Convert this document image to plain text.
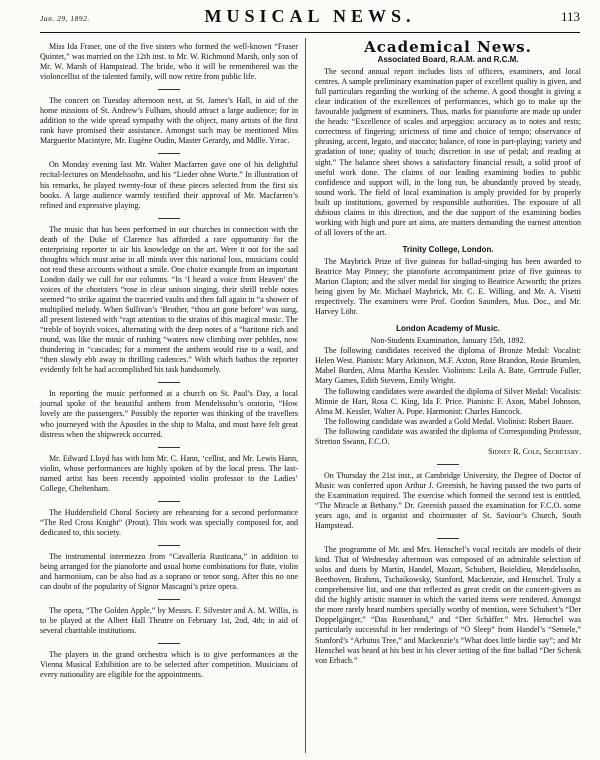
Jan. 29, 1892.	MUSICAL NEWS.	113

Miss Ida Fraser, one of the five sisters who formed the well-known “Fraser Quintet,” was married on the 12th inst. to Mr. W. Richmond Marsh, only son of Mr. W. Marsh of Hampstead. The bride, who it will be remembered was the violoncellist of the talented family, will now retire from public life.

The concert on Tuesday afternoon next, at St. James’s Hall, in aid of the home missions of St. Andrew’s Fulham, should attract a large audience; for in addition to the wide spread sympathy with the object, many artists of the first rank have promised their assistance. Amongst such may be mentioned Miss Marguerite Macintyre, Mr. Eugène Oudin, Master Gerardy, and Mdlle. Yrrac.

On Monday evening last Mr. Walter Macfarren gave one of his delightful recital-lectures on Mendelssohn, and his “Lieder ohne Worte.” In illustration of his remarks, he played twenty-four of these pieces selected from the first six books. A large audience warmly testified their approval of Mr. Macfarren’s refined and expressive playing.

The music that has been performed in our churches in connection with the death of the Duke of Clarence has afforded a rare opportunity for the enterprising reporter to air his knowledge on the art. Were it not for the sad thoughts which must arise in all minds over this national loss, musicians could not read these accounts without a smile. One choice example from an important London daily we cull for our columns. “In ‘I heard a voice from Heaven’ the voices of the choristers “rose in clear unison singing, their shrill treble notes seemed “to strike against the traceried vaults and then fall again in “a shower of multiplied melody. When Sullivan’s ‘Brother, “thou art gone before’ was sung, all present listened with “rapt attention to the strains of this magical music. The “treble of boyish voices, alternating with the deep notes of a “baritone rich and round, was like the music of rushing “waters now climbing over pebbles, now thundering in “cascades; for a moment the anthem would rise to a wail, and “then slowly ebb away in thrilling cadences.” With which bathos the reporter evidently felt he had accomplished his task handsomely.

In reporting the music performed at a church on St. Paul’s Day, a local journal spoke of the beautiful anthem from Mendelssohn’s oratorio, “How lovely are the passengers.” Possibly the reporter was thinking of the travellers who journeyed with the Apostles in the ship to Malta, and must have felt great distress when the shipwreck occurred.

Mr. Edward Lloyd has with him Mr. C. Hann, ‘cellist, and Mr. Lewis Hann, violin, whose performances are highly spoken of by the local press. The last-named artist has been recently appointed violin professor to the Ladies’ College, Cheltenham.

The Huddersfield Choral Society are rehearsing for a second performance “The Red Cross Knight” (Prout). This work was specially composed for, and dedicated to, this society.

The instrumental intermezzo from “Cavalleria Rusticana,” in addition to being arranged for the pianoforte and usual home combinations for flute, violin and harmonium, can be also had as a soprano or tenor song. After this no one can doubt of the popularity of Signor Mascagni’s prize opera.

The opera, “The Golden Apple,” by Messrs. F. Silvester and A. M. Willis, is to be played at the Albert Hall Theatre on February 1st, 2nd, 4th; in aid of several charitable institutions.

The players in the grand orchestra which is to give performances at the Vienna Musical Exhibition are to be selected after competition. Musicians of every nationality are eligible for the appointments.

Academical News.
Associated Board, R.A.M. and R.C.M.

The second annual report includes lists of officers, examiners, and local centres. A sample preliminary examination paper of excellent quality is given, and full particulars regarding the working of the scheme. A good thought is giving a clear indication of the excellences of performances, which go to make up the favourable judgment of examiners. Thus, marks for pianoforte are made up under the heads: “Excellence of scales and arpeggios: accuracy as to notes and rests; correctness of fingering; strictness of time and choice of tempo; observance of phrasing, accent, legato, and staccato; balance, of tone in part-playing; variety and gradation of tone; quality of touch; discretion in use of pedal; and reading at sight.” The balance sheet shows a satisfactory financial result, a solid proof of useful work done. The claims of our leading examining bodies to public confidence and support will, in the long run, be abundantly proved by steady, sound work. The field of local examination is amply provided for by properly built up institutions, governed by responsible authorities. The exposure of all dubious claims in this direction, and the due support of the examining bodies working with high and pure art aims, are matters demanding the earnest attention of all lovers of the art.

Trinity College, London.

The Maybrick Prize of five guineas for ballad-singing has been awarded to Beatrice May Pinney; the pianoforte accompaniment prize of five guineas to Marion Clapton; and the silver medal for singing to Beatrice Acworth; the prizes being given by Mr. Michael Maybrick, Mr. C. E. Willing, and Mr. A. Visetti respectively. The examiners were Prof. Gordon Saunders, Mus. Doc., and Mr. Harvey Löhr.

London Academy of Music.

Non-Students Examination, January 15th, 1892.

The following candidates received the diploma of Bronze Medal: Vocalist: Helen West. Pianists: Mary Atkinson, M.F. Axton, Rose Brandon, Rosie Brumlen, Mabel Burden, Alma Martha Kessler. Violinists: Leila A. Bate, Gertrude Fuller, Mary Games, Edith Stevens, Emily Wright.

The following candidates were awarded the diploma of Silver Medal: Vocalists: Minnie de Hart, Rosa C. King, Ida F. Price. Pianists: F. Axon, Mabel Johnson, Alma M. Kessler, Walter A. Pope. Harmonist: Charles Hancock.

The following candidate was awarded a Gold Medal. Violinist: Robert Bauer.

The following candidate was awarded the diploma of Corresponding Professor, Stretton Swann, F.C.O.

Sidney R. Cole, Secretary.

On Thursday the 21st inst., at Cambridge University, the Degree of Doctor of Music was conferred upon Arthur J. Greenish, he having passed the two parts of the Examination required. The exercise which formed the second test is entitled, “The Miracle at Bethany.” Dr. Greenish passed the examination for F.C.O. some years ago, and is organist and choirmaster of St. Saviour’s Church, South Hampstead.

The programme of Mr. and Mrs. Henschel’s vocal recitals are models of their kind. That of Wednesday afternoon was composed of an admirable selection of solos and duets by Martin, Handel, Mozart, Schubert, Boieldieu, Mendelssohn, Beethoven, Brahms, Tschaikowsky, Stanford, Mackenzie, and Henschel. Truly a comprehensive list, and one that reflected as great credit on the concert-givers as did the highly artistic manner in which the varied items were rendered. Amongst the more rarely heard numbers specially worthy of mention, were Schubert’s “Der Doppelgänger,” “Das Rosenband,” and “Der Schäffer.” Mrs. Henschel was particularly successful in her renderings of “O Sleep” from Handel’s “Semele,” Stanford’s “Arbutus Tree,” and Mackenzie’s “What does little birdie say”; and Mr Henschel was heard at his best in his clever setting of the fine ballad “Der Schenk von Erbach.”
